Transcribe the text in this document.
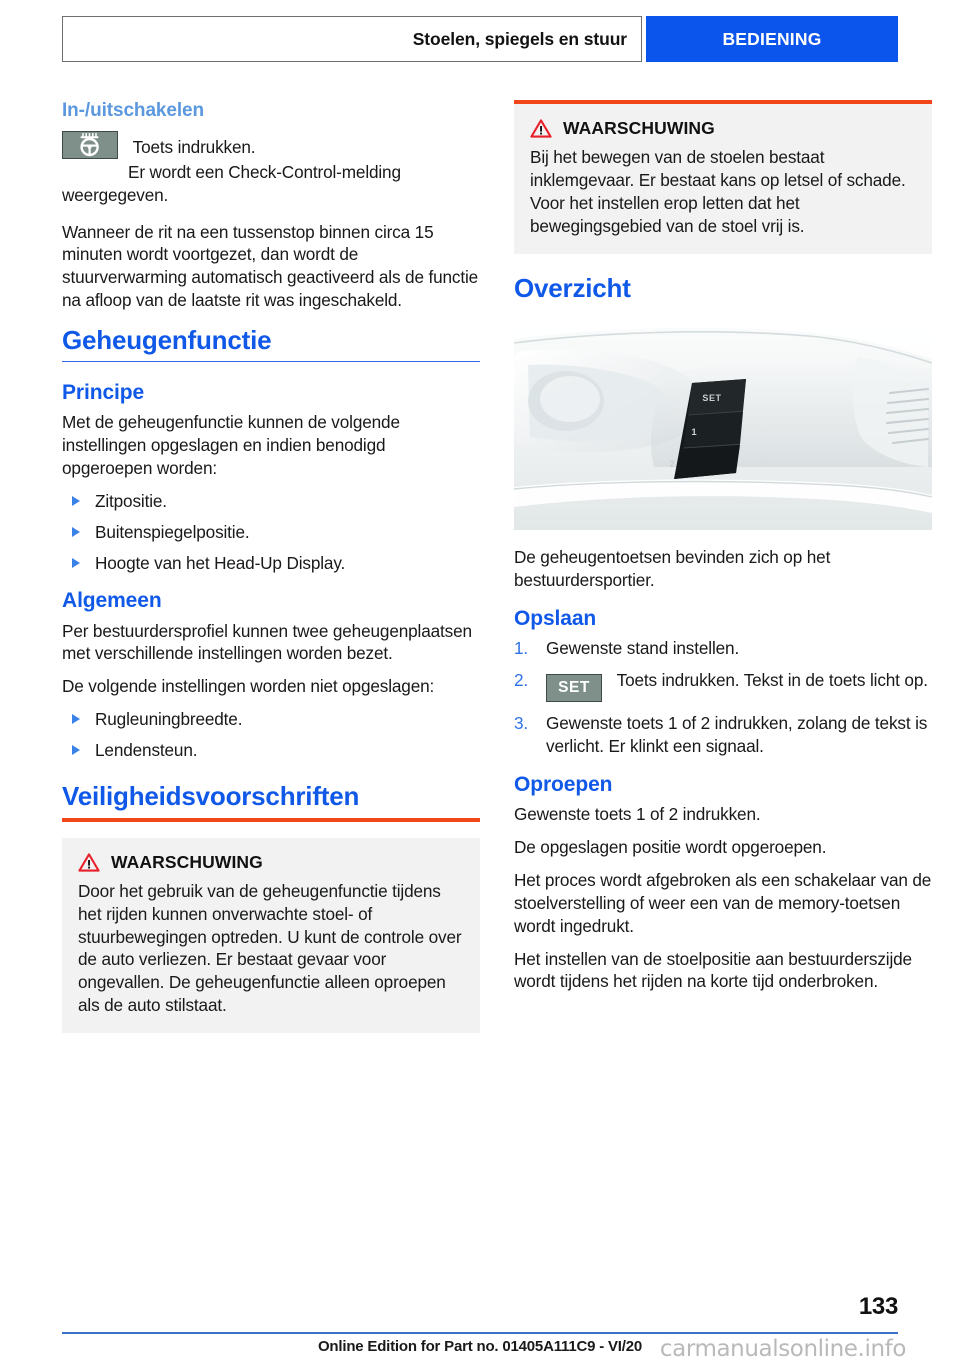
Stoelen, spiegels en stuur	BEDIENING
In-/uitschakelen
Toets indrukken.
Er wordt een Check-Control-melding
weergegeven.

Wanneer de rit na een tussenstop binnen circa 15 minuten wordt voortgezet, dan wordt de stuurverwarming automatisch geactiveerd als de functie na afloop van de laatste rit was ingeschakeld.

Geheugenfunctie
Principe

Met de geheugenfunctie kunnen de volgende instellingen opgeslagen en indien benodigd opgeroepen worden:

Zitpositie.
Buitenspiegelpositie.
Hoogte van het Head-Up Display.
Algemeen

Per bestuurdersprofiel kunnen twee geheugenplaatsen met verschillende instellingen worden bezet.

De volgende instellingen worden niet opgeslagen:

Rugleuningbreedte.
Lendensteun.
Veiligheidsvoorschriften
WAARSCHUWING

Door het gebruik van de geheugenfunctie tijdens het rijden kunnen onverwachte stoel- of stuurbewegingen optreden. U kunt de controle over de auto verliezen. Er bestaat gevaar voor ongevallen. De geheugenfunctie alleen oproepen als de auto stilstaat.

WAARSCHUWING

Bij het bewegen van de stoelen bestaat inklemgevaar. Er bestaat kans op letsel of schade. Voor het instellen erop letten dat het bewegingsgebied van de stoel vrij is.

Overzicht
SET
1
2

De geheugentoetsen bevinden zich op het bestuurdersportier.

Opslaan
1. Gewenste stand instellen.
2. SET Toets indrukken. Tekst in de toets licht op.
3. Gewenste toets 1 of 2 indrukken, zolang de tekst is verlicht. Er klinkt een signaal.
Oproepen

Gewenste toets 1 of 2 indrukken.

De opgeslagen positie wordt opgeroepen.

Het proces wordt afgebroken als een schakelaar van de stoelverstelling of weer een van de memory-toetsen wordt ingedrukt.

Het instellen van de stoelpositie aan bestuurderszijde wordt tijdens het rijden na korte tijd onderbroken.

133
Online Edition for Part no. 01405A111C9 - VI/20 carmanualsonline.info
